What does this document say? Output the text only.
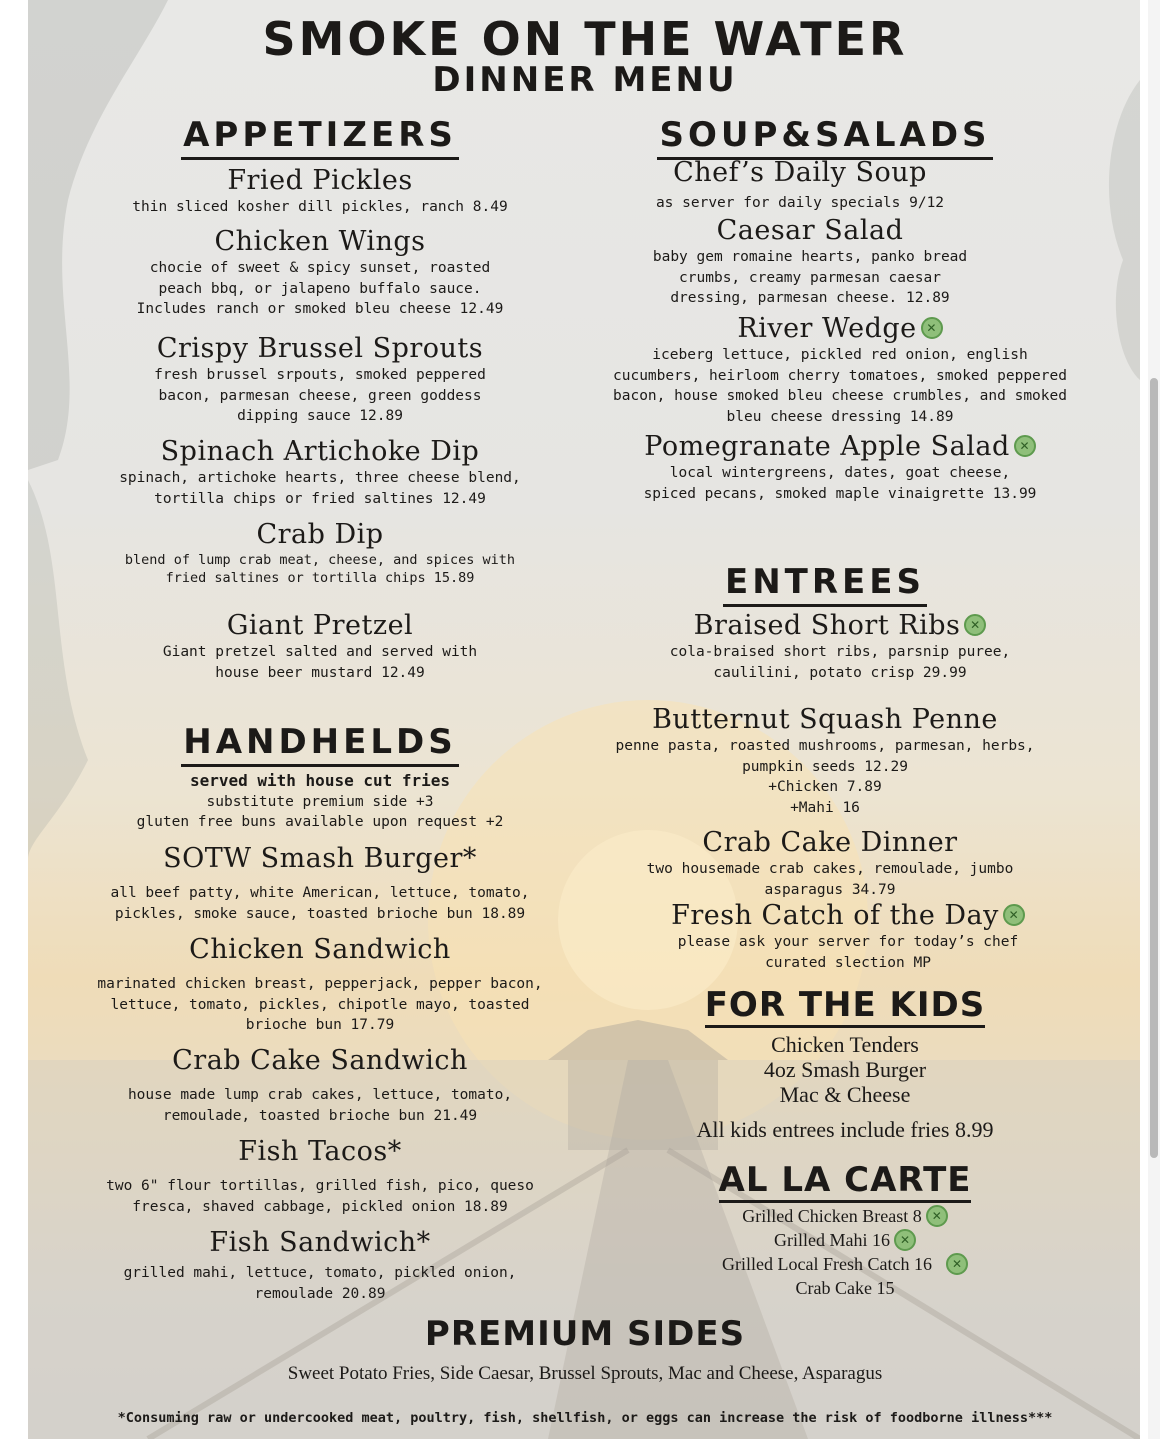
SMOKE ON THE WATER
DINNER MENU
APPETIZERS
Fried Pickles
thin sliced kosher dill pickles, ranch 8.49
Chicken Wings
chocie of sweet & spicy sunset, roasted
peach bbq, or jalapeno buffalo sauce.
Includes ranch or smoked bleu cheese 12.49
Crispy Brussel Sprouts
fresh brussel srpouts, smoked peppered
bacon, parmesan cheese, green goddess
dipping sauce 12.89
Spinach Artichoke Dip
spinach, artichoke hearts, three cheese blend,
tortilla chips or fried saltines 12.49
Crab Dip
blend of lump crab meat, cheese, and spices with
fried saltines or tortilla chips 15.89
Giant Pretzel
Giant pretzel salted and served with
house beer mustard 12.49
HANDHELDS
served with house cut fries
substitute premium side +3
gluten free buns available upon request +2
SOTW Smash Burger*
all beef patty, white American, lettuce, tomato,
pickles, smoke sauce, toasted brioche bun 18.89
Chicken Sandwich
marinated chicken breast, pepperjack, pepper bacon,
lettuce, tomato, pickles, chipotle mayo, toasted
brioche bun 17.79
Crab Cake Sandwich
house made lump crab cakes, lettuce, tomato,
remoulade, toasted brioche bun 21.49
Fish Tacos*
two 6" flour tortillas, grilled fish, pico, queso
fresca, shaved cabbage, pickled onion 18.89
Fish Sandwich*
grilled mahi, lettuce, tomato, pickled onion,
remoulade 20.89
SOUP&SALADS
Chef’s Daily Soup
as server for daily specials 9/12
Caesar Salad
baby gem romaine hearts, panko bread
crumbs, creamy parmesan caesar
dressing, parmesan cheese. 12.89
River Wedge✕
iceberg lettuce, pickled red onion, english
cucumbers, heirloom cherry tomatoes, smoked peppered
bacon, house smoked bleu cheese crumbles, and smoked
bleu cheese dressing 14.89
Pomegranate Apple Salad✕
local wintergreens, dates, goat cheese,
spiced pecans, smoked maple vinaigrette 13.99
ENTREES
Braised Short Ribs✕
cola-braised short ribs, parsnip puree,
caulilini, potato crisp 29.99
Butternut Squash Penne
penne pasta, roasted mushrooms, parmesan, herbs,
pumpkin seeds 12.29
+Chicken 7.89
+Mahi 16
Crab Cake Dinner
two housemade crab cakes, remoulade, jumbo
asparagus 34.79
Fresh Catch of the Day✕
please ask your server for today’s chef
curated slection MP
FOR THE KIDS
Chicken Tenders
4oz Smash Burger
Mac & Cheese
All kids entrees include fries 8.99
AL LA CARTE
Grilled Chicken Breast 8✕
Grilled Mahi 16✕
Grilled Local Fresh Catch 16✕
Crab Cake 15
PREMIUM SIDES
Sweet Potato Fries, Side Caesar, Brussel Sprouts, Mac and Cheese, Asparagus
*Consuming raw or undercooked meat, poultry, fish, shellfish, or eggs can increase the risk of foodborne illness***
